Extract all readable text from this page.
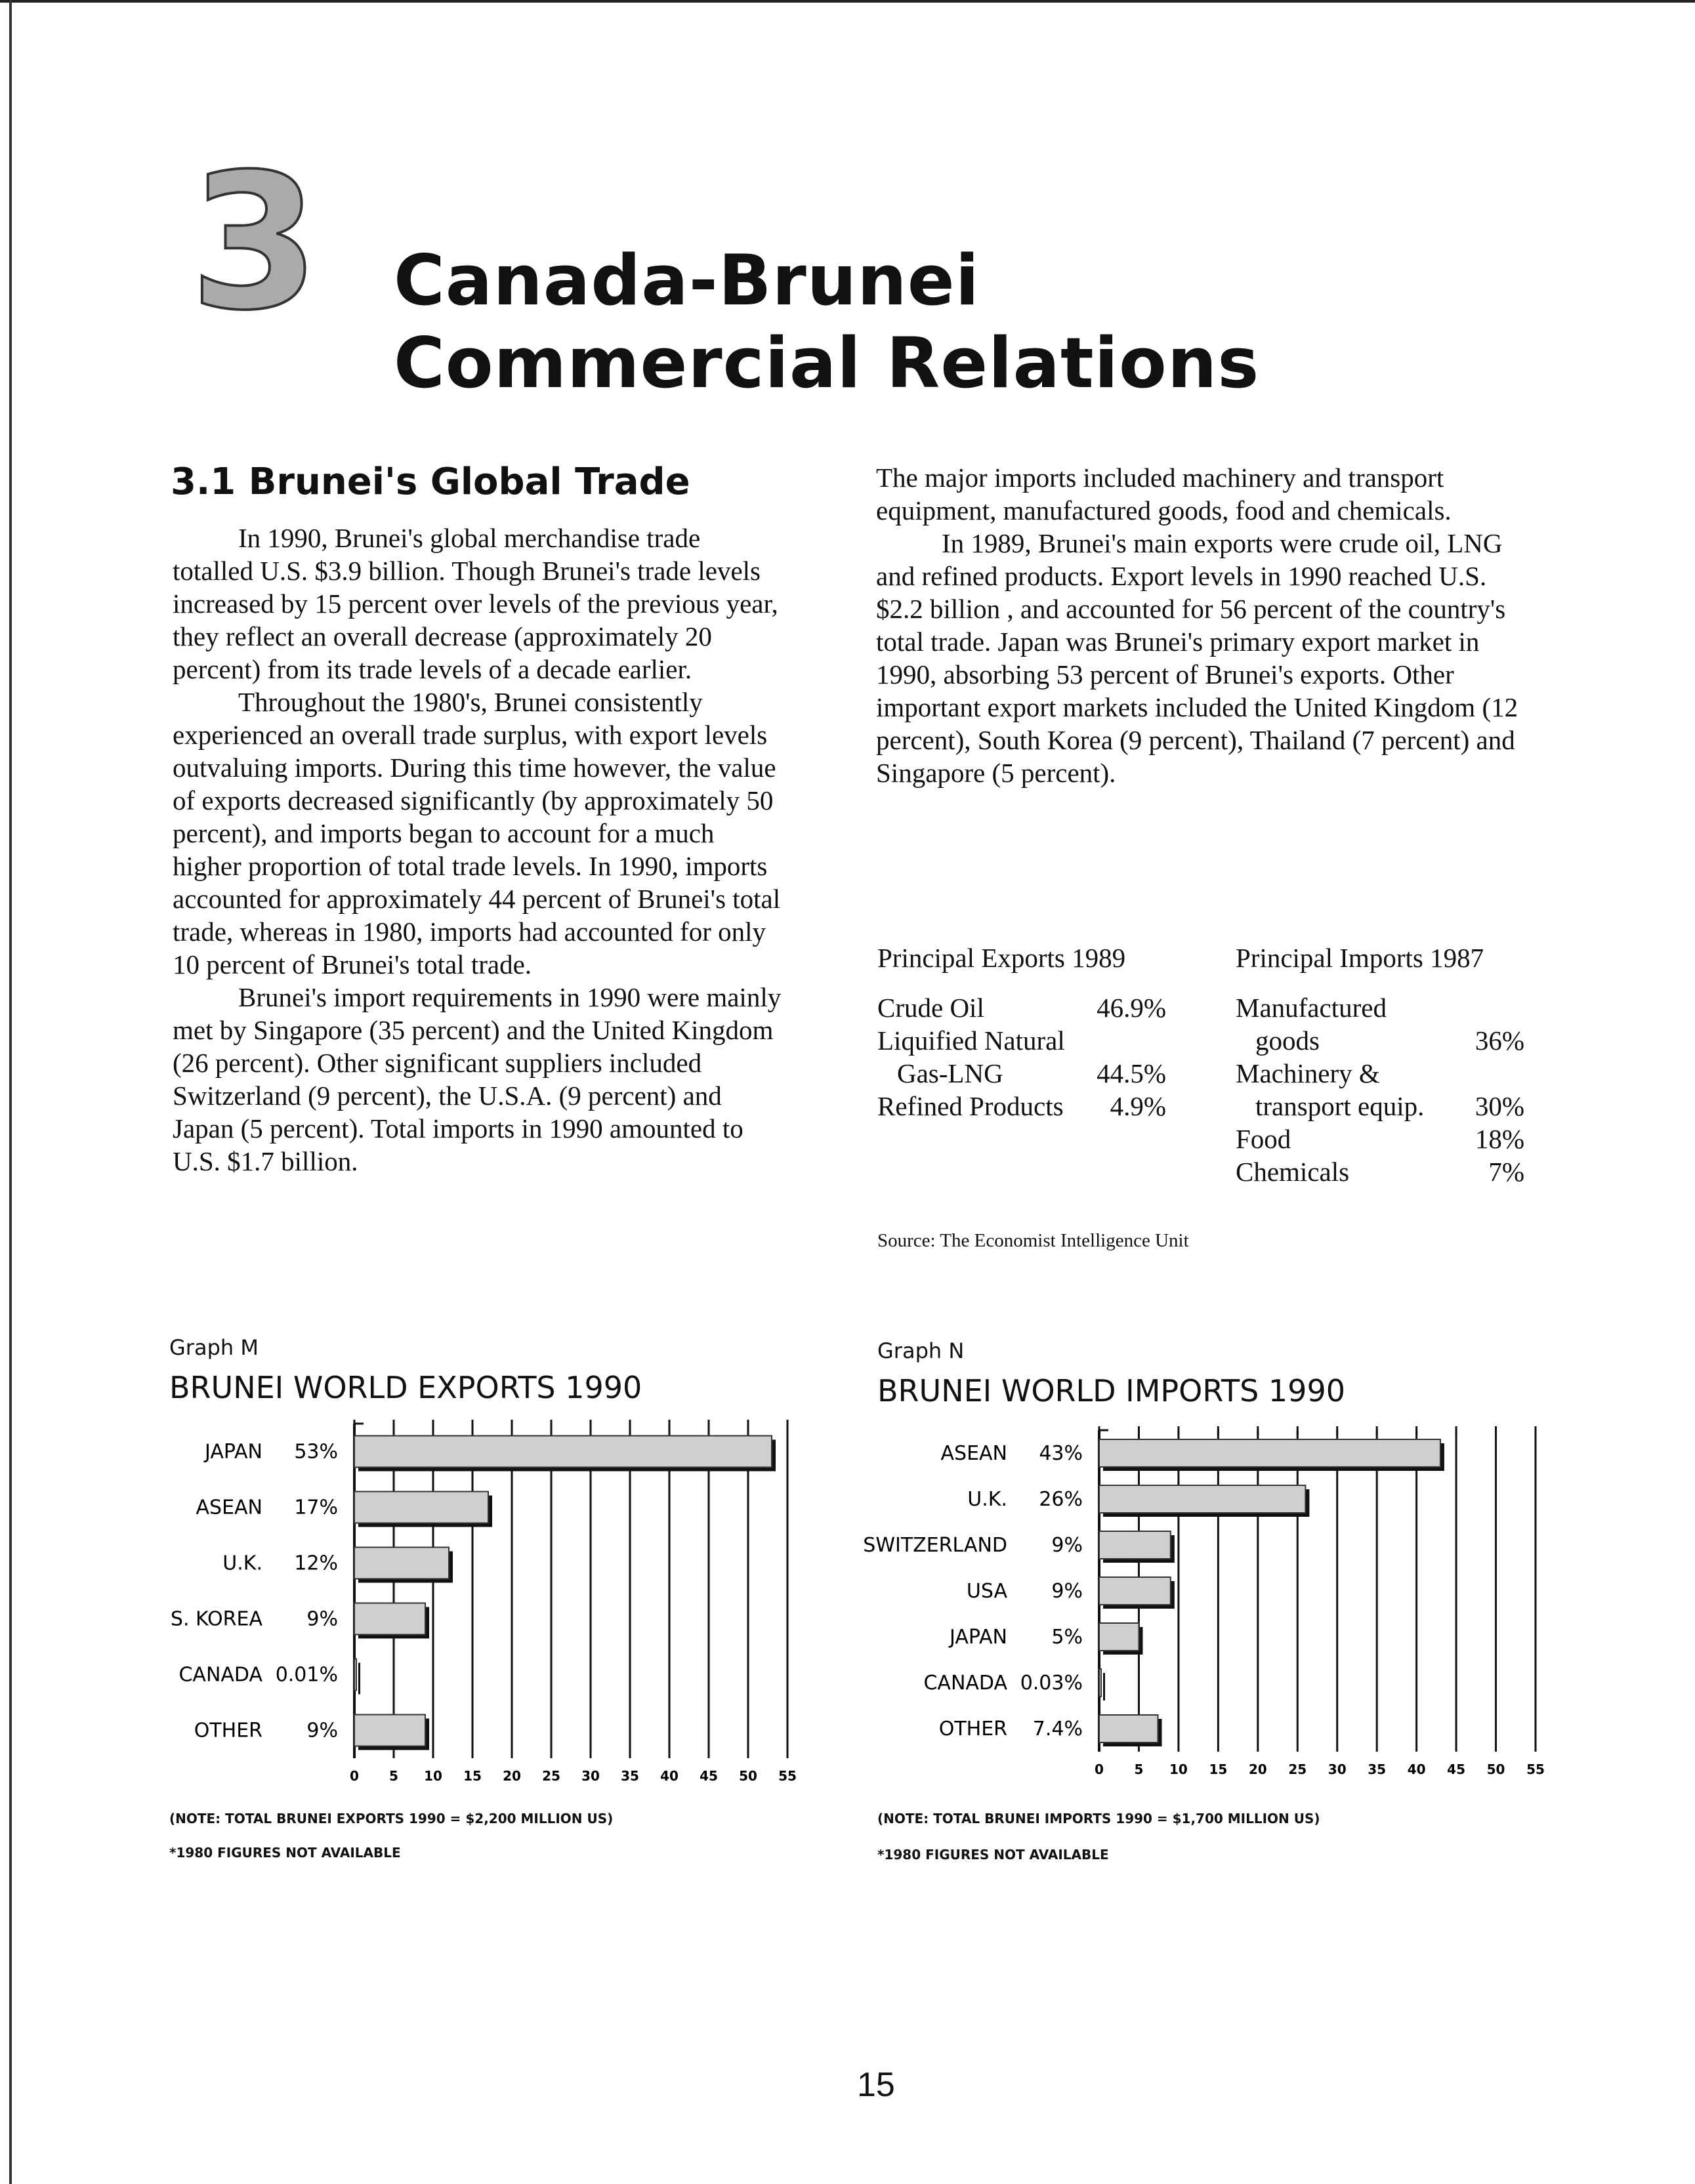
3 Canada-Brunei
Commercial Relations
3.1 Brunei's Global Trade

In 1990, Brunei's global merchandise trade totalled U.S. $3.9 billion. Though Brunei's trade levels increased by 15 percent over levels of the previous year, they reflect an overall decrease (approximately 20 percent) from its trade levels of a decade earlier.

Throughout the 1980's, Brunei consistently experienced an overall trade surplus, with export levels outvaluing imports. During this time however, the value of exports decreased significantly (by approximately 50 percent), and imports began to account for a much higher proportion of total trade levels. In 1990, imports accounted for approximately 44 percent of Brunei's total trade, whereas in 1980, imports had accounted for only 10 percent of Brunei's total trade.

Brunei's import requirements in 1990 were mainly met by Singapore (35 percent) and the United Kingdom (26 percent). Other significant suppliers included Switzerland (9 percent), the U.S.A. (9 percent) and Japan (5 percent). Total imports in 1990 amounted to U.S. $1.7 billion.

The major imports included machinery and transport equipment, manufactured goods, food and chemicals.

In 1989, Brunei's main exports were crude oil, LNG and refined products. Export levels in 1990 reached U.S. $2.2 billion , and accounted for 56 percent of the country's total trade. Japan was Brunei's primary export market in 1990, absorbing 53 percent of Brunei's exports. Other important export markets included the United Kingdom (12 percent), South Korea (9 percent), Thailand (7 percent) and Singapore (5 percent).

Principal Exports 1989
Crude Oil	46.9%
Liquified Natural
Gas-LNG	44.5%
Refined Products 4.9%
Principal Imports 1987
Manufactured
goods	36%
Machinery &
transport equip. 30%
Food	18%
Chemicals	7%
Source: The Economist Intelligence Unit
Graph M
BRUNEI WORLD EXPORTS 1990
0 5 10 15 20 25 30 35 40 45 50 55
JAPAN 53%
ASEAN 17%
U.K. 12%
S. KOREA 9%
CANADA 0.01%
OTHER 9%
(NOTE: TOTAL BRUNEI EXPORTS 1990 = $2,200 MILLION US)
*1980 FIGURES NOT AVAILABLE
Graph N
BRUNEI WORLD IMPORTS 1990
0 5 10 15 20 25 30 35 40 45 50 55
ASEAN 43%
U.K. 26%
SWITZERLAND 9%
USA 9%
JAPAN 5%
CANADA 0.03%
OTHER 7.4%
(NOTE: TOTAL BRUNEI IMPORTS 1990 = $1,700 MILLION US)
*1980 FIGURES NOT AVAILABLE
15
